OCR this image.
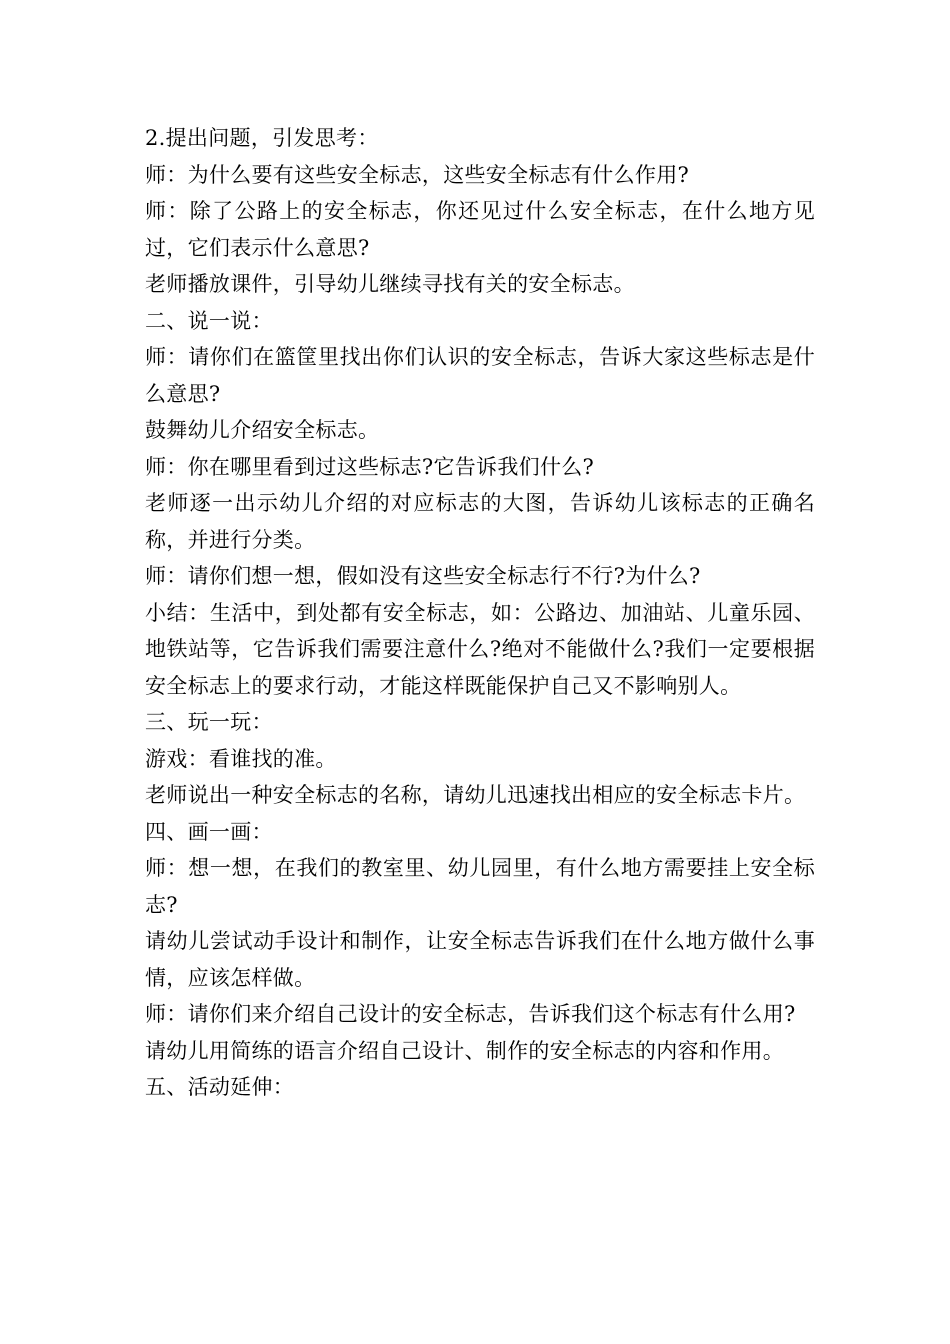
2.提出问题，引发思考：

师：为什么要有这些安全标志，这些安全标志有什么作用?

师：除了公路上的安全标志，你还见过什么安全标志，在什么地方见过，它们表示什么意思?

老师播放课件，引导幼儿继续寻找有关的安全标志。

二、说一说：

师：请你们在篮筐里找出你们认识的安全标志，告诉大家这些标志是什么意思?

鼓舞幼儿介绍安全标志。

师：你在哪里看到过这些标志?它告诉我们什么?

老师逐一出示幼儿介绍的对应标志的大图，告诉幼儿该标志的正确名称，并进行分类。

师：请你们想一想，假如没有这些安全标志行不行?为什么?

小结：生活中，到处都有安全标志，如：公路边、加油站、儿童乐园、地铁站等，它告诉我们需要注意什么?绝对不能做什么?我们一定要根据安全标志上的要求行动，才能这样既能保护自己又不影响别人。

三、玩一玩：

游戏：看谁找的准。

老师说出一种安全标志的名称，请幼儿迅速找出相应的安全标志卡片。

四、画一画：

师：想一想，在我们的教室里、幼儿园里，有什么地方需要挂上安全标志?

请幼儿尝试动手设计和制作，让安全标志告诉我们在什么地方做什么事情，应该怎样做。

师：请你们来介绍自己设计的安全标志，告诉我们这个标志有什么用?

请幼儿用简练的语言介绍自己设计、制作的安全标志的内容和作用。

五、活动延伸：
